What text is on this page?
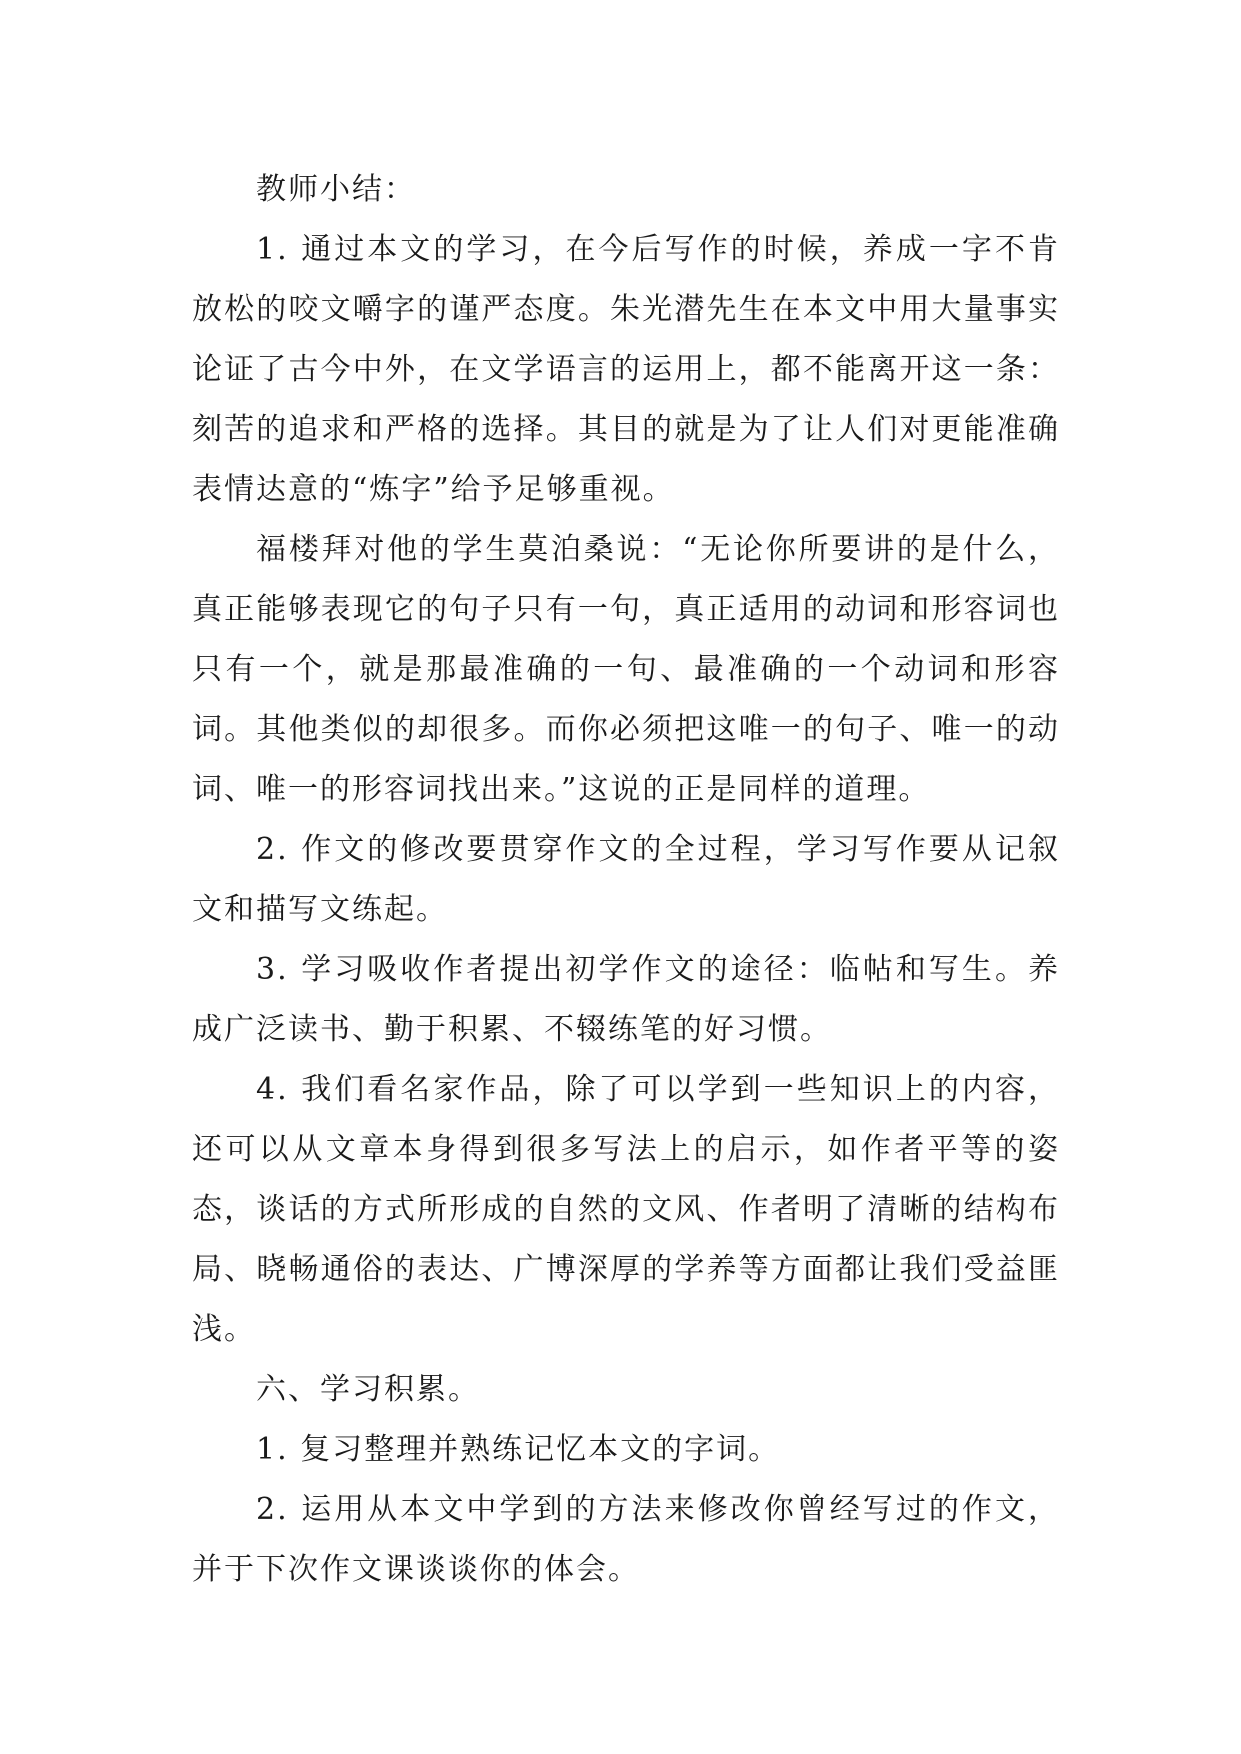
教师小结：

1. 通过本文的学习，在今后写作的时候，养成一字不肯放松的咬文嚼字的谨严态度。朱光潜先生在本文中用大量事实论证了古今中外，在文学语言的运用上，都不能离开这一条：刻苦的追求和严格的选择。其目的就是为了让人们对更能准确表情达意的“炼字”给予足够重视。

福楼拜对他的学生莫泊桑说：“无论你所要讲的是什么，真正能够表现它的句子只有一句，真正适用的动词和形容词也只有一个，就是那最准确的一句、最准确的一个动词和形容词。其他类似的却很多。而你必须把这唯一的句子、唯一的动词、唯一的形容词找出来。”这说的正是同样的道理。

2. 作文的修改要贯穿作文的全过程，学习写作要从记叙文和描写文练起。

3. 学习吸收作者提出初学作文的途径：临帖和写生。养成广泛读书、勤于积累、不辍练笔的好习惯。

4. 我们看名家作品，除了可以学到一些知识上的内容，还可以从文章本身得到很多写法上的启示，如作者平等的姿态，谈话的方式所形成的自然的文风、作者明了清晰的结构布局、晓畅通俗的表达、广博深厚的学养等方面都让我们受益匪浅。

六、学习积累。

1. 复习整理并熟练记忆本文的字词。

2. 运用从本文中学到的方法来修改你曾经写过的作文，并于下次作文课谈谈你的体会。
